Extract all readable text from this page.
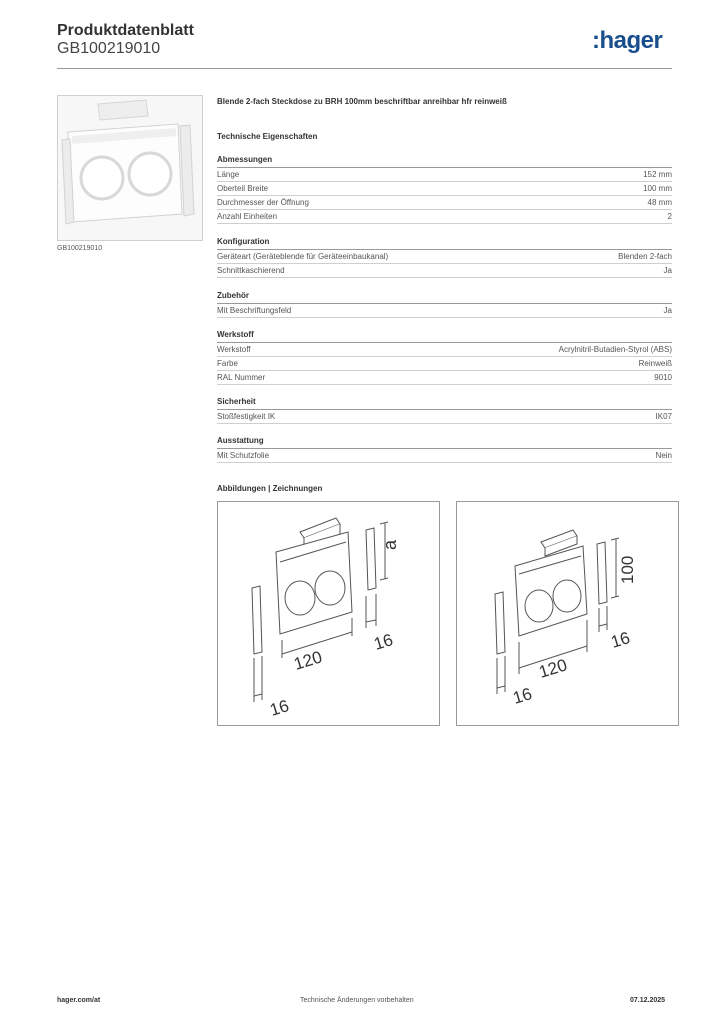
Produktdatenblatt
GB100219010	:hager
GB100219010
Blende 2-fach Steckdose zu BRH 100mm beschriftbar anreihbar hfr reinweiß
Technische Eigenschaften
Abmessungen
Länge	152 mm
Oberteil Breite	100 mm
Durchmesser der Öffnung	48 mm
Anzahl Einheiten	2
Konfiguration
Geräteart (Geräteblende für Geräteeinbaukanal)	Blenden 2-fach
Schnittkaschierend	Ja
Zubehör
Mit Beschriftungsfeld	Ja
Werkstoff
Werkstoff	Acrylnitril-Butadien-Styrol (ABS)
Farbe	Reinweiß
RAL Nummer	9010
Sicherheit
Stoßfestigkeit IK	IK07
Ausstattung
Mit Schutzfolie	Nein
Abbildungen | Zeichnungen
a
120
16
16
100
120
16
16
hager.com/at	Technische Änderungen vorbehalten	07.12.2025
